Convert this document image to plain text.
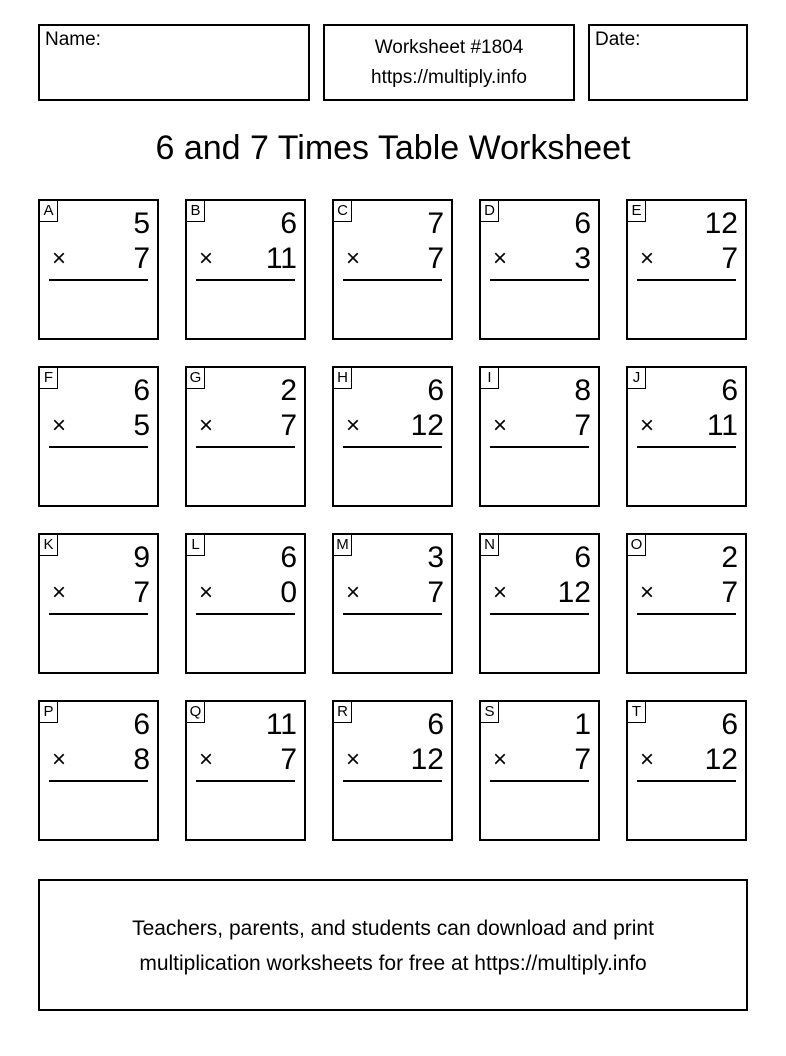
Name:	Worksheet #1804
https://multiply.info
Date:
6 and 7 Times Table Worksheet
A	5
× 7
B	6
× 11
C	7
× 7
D	6
× 3
E 12
× 7
F	6
× 5
G	2
× 7
H	6
× 12
I	8
× 7
J	6
× 11
K	9
× 7
L	6
× 0
M	3
× 7
N	6
× 12
O	2
× 7
P	6
× 8
Q 11
× 7
R	6
× 12
S	1
× 7
T	6
× 12
Teachers, parents, and students can download and print
multiplication worksheets for free at https://multiply.info
